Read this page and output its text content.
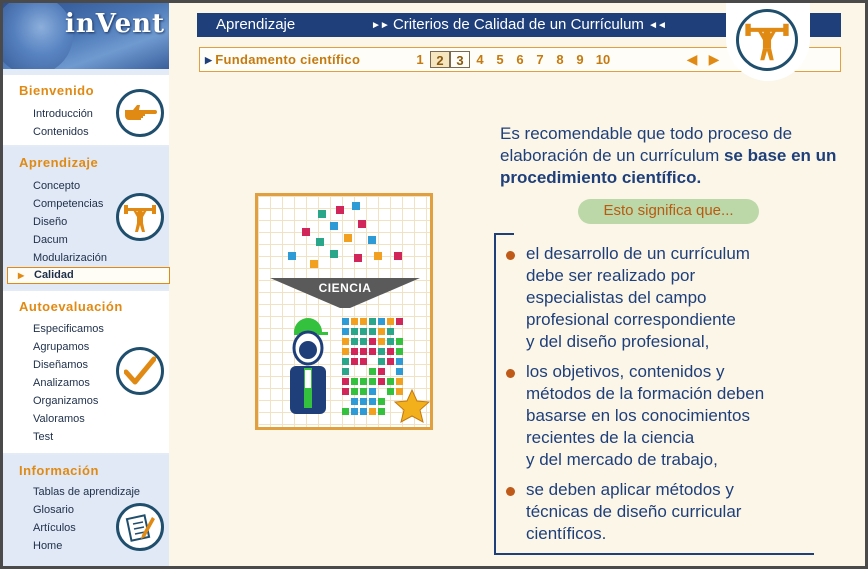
inVent
Bienvenido
Introducción
Contenidos
Aprendizaje
Concepto
Competencias
Diseño
Dacum
Modularización
▶ Calidad
Autoevaluación
Especificamos
Agrupamos
Diseñamos
Analizamos
Organizamos
Valoramos
Test
Información
Tablas de aprendizaje
Glosario
Artículos
Home
Aprendizaje	►► Criterios de Calidad de un Currículum ◄◄
▶ Fundamento científico	1 2 3 4 5 6 7 8 9 10	◀ ▶
CIENCIA
Es recomendable que todo proceso de elaboración de un currículum se base en un procedimiento científico.
Esto significa que...
el desarrollo de un currículum
debe ser realizado por
especialistas del campo
profesional correspondiente
y del diseño profesional,
los objetivos, contenidos y
métodos de la formación deben
basarse en los conocimientos
recientes de la ciencia
y del mercado de trabajo,
se deben aplicar métodos y
técnicas de diseño curricular
científicos.
